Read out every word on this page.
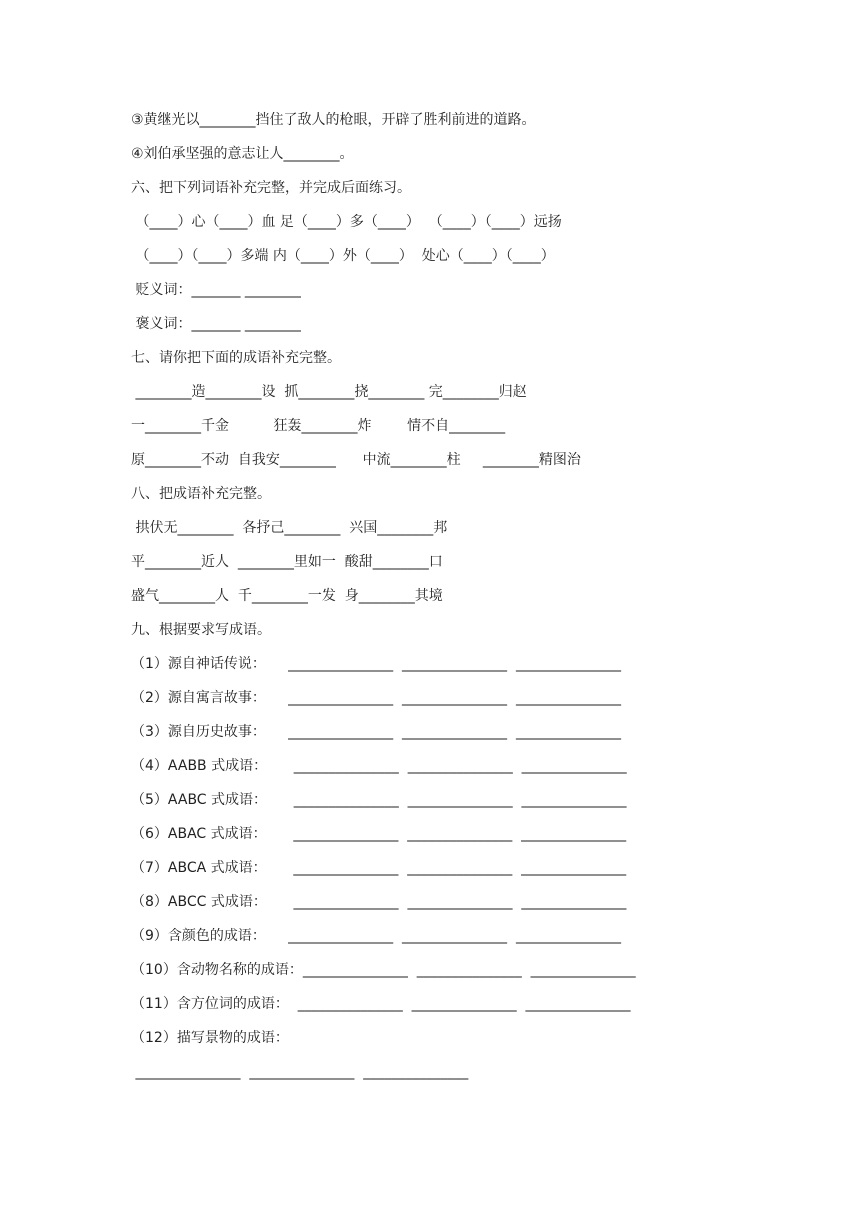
③黄继光以________挡住了敌人的枪眼，开辟了胜利前进的道路。
④刘伯承坚强的意志让人________。
六、把下列词语补充完整，并完成后面练习。
（____）心（____）血 足（____）多（____）  （____）（____）远扬
（____）（____）多端 内（____）外（____）  处心（____）（____）
贬义词：_______ ________
褒义词：_______ ________
七、请你把下面的成语补充完整。
________造________设  抓________挠________ 完________归赵
一________千金          狂轰________炸        情不自________
原________不动  自我安________      中流________柱     ________精图治
八、把成语补充完整。
拱伏无________  各抒己________  兴国________邦
平________近人  ________里如一  酸甜________口
盛气________人  千________一发  身________其境
九、根据要求写成语。
（1）源自神话传说：     _______________  _______________  _______________
（2）源自寓言故事：     _______________  _______________  _______________
（3）源自历史故事：     _______________  _______________  _______________
（4）AABB 式成语：      _______________  _______________  _______________
（5）AABC 式成语：      _______________  _______________  _______________
（6）ABAC 式成语：      _______________  _______________  _______________
（7）ABCA 式成语：      _______________  _______________  _______________
（8）ABCC 式成语：      _______________  _______________  _______________
（9）含颜色的成语：     _______________  _______________  _______________
（10）含动物名称的成语：_______________  _______________  _______________
（11）含方位词的成语：  _______________  _______________  _______________
（12）描写景物的成语：
_______________  _______________  _______________
